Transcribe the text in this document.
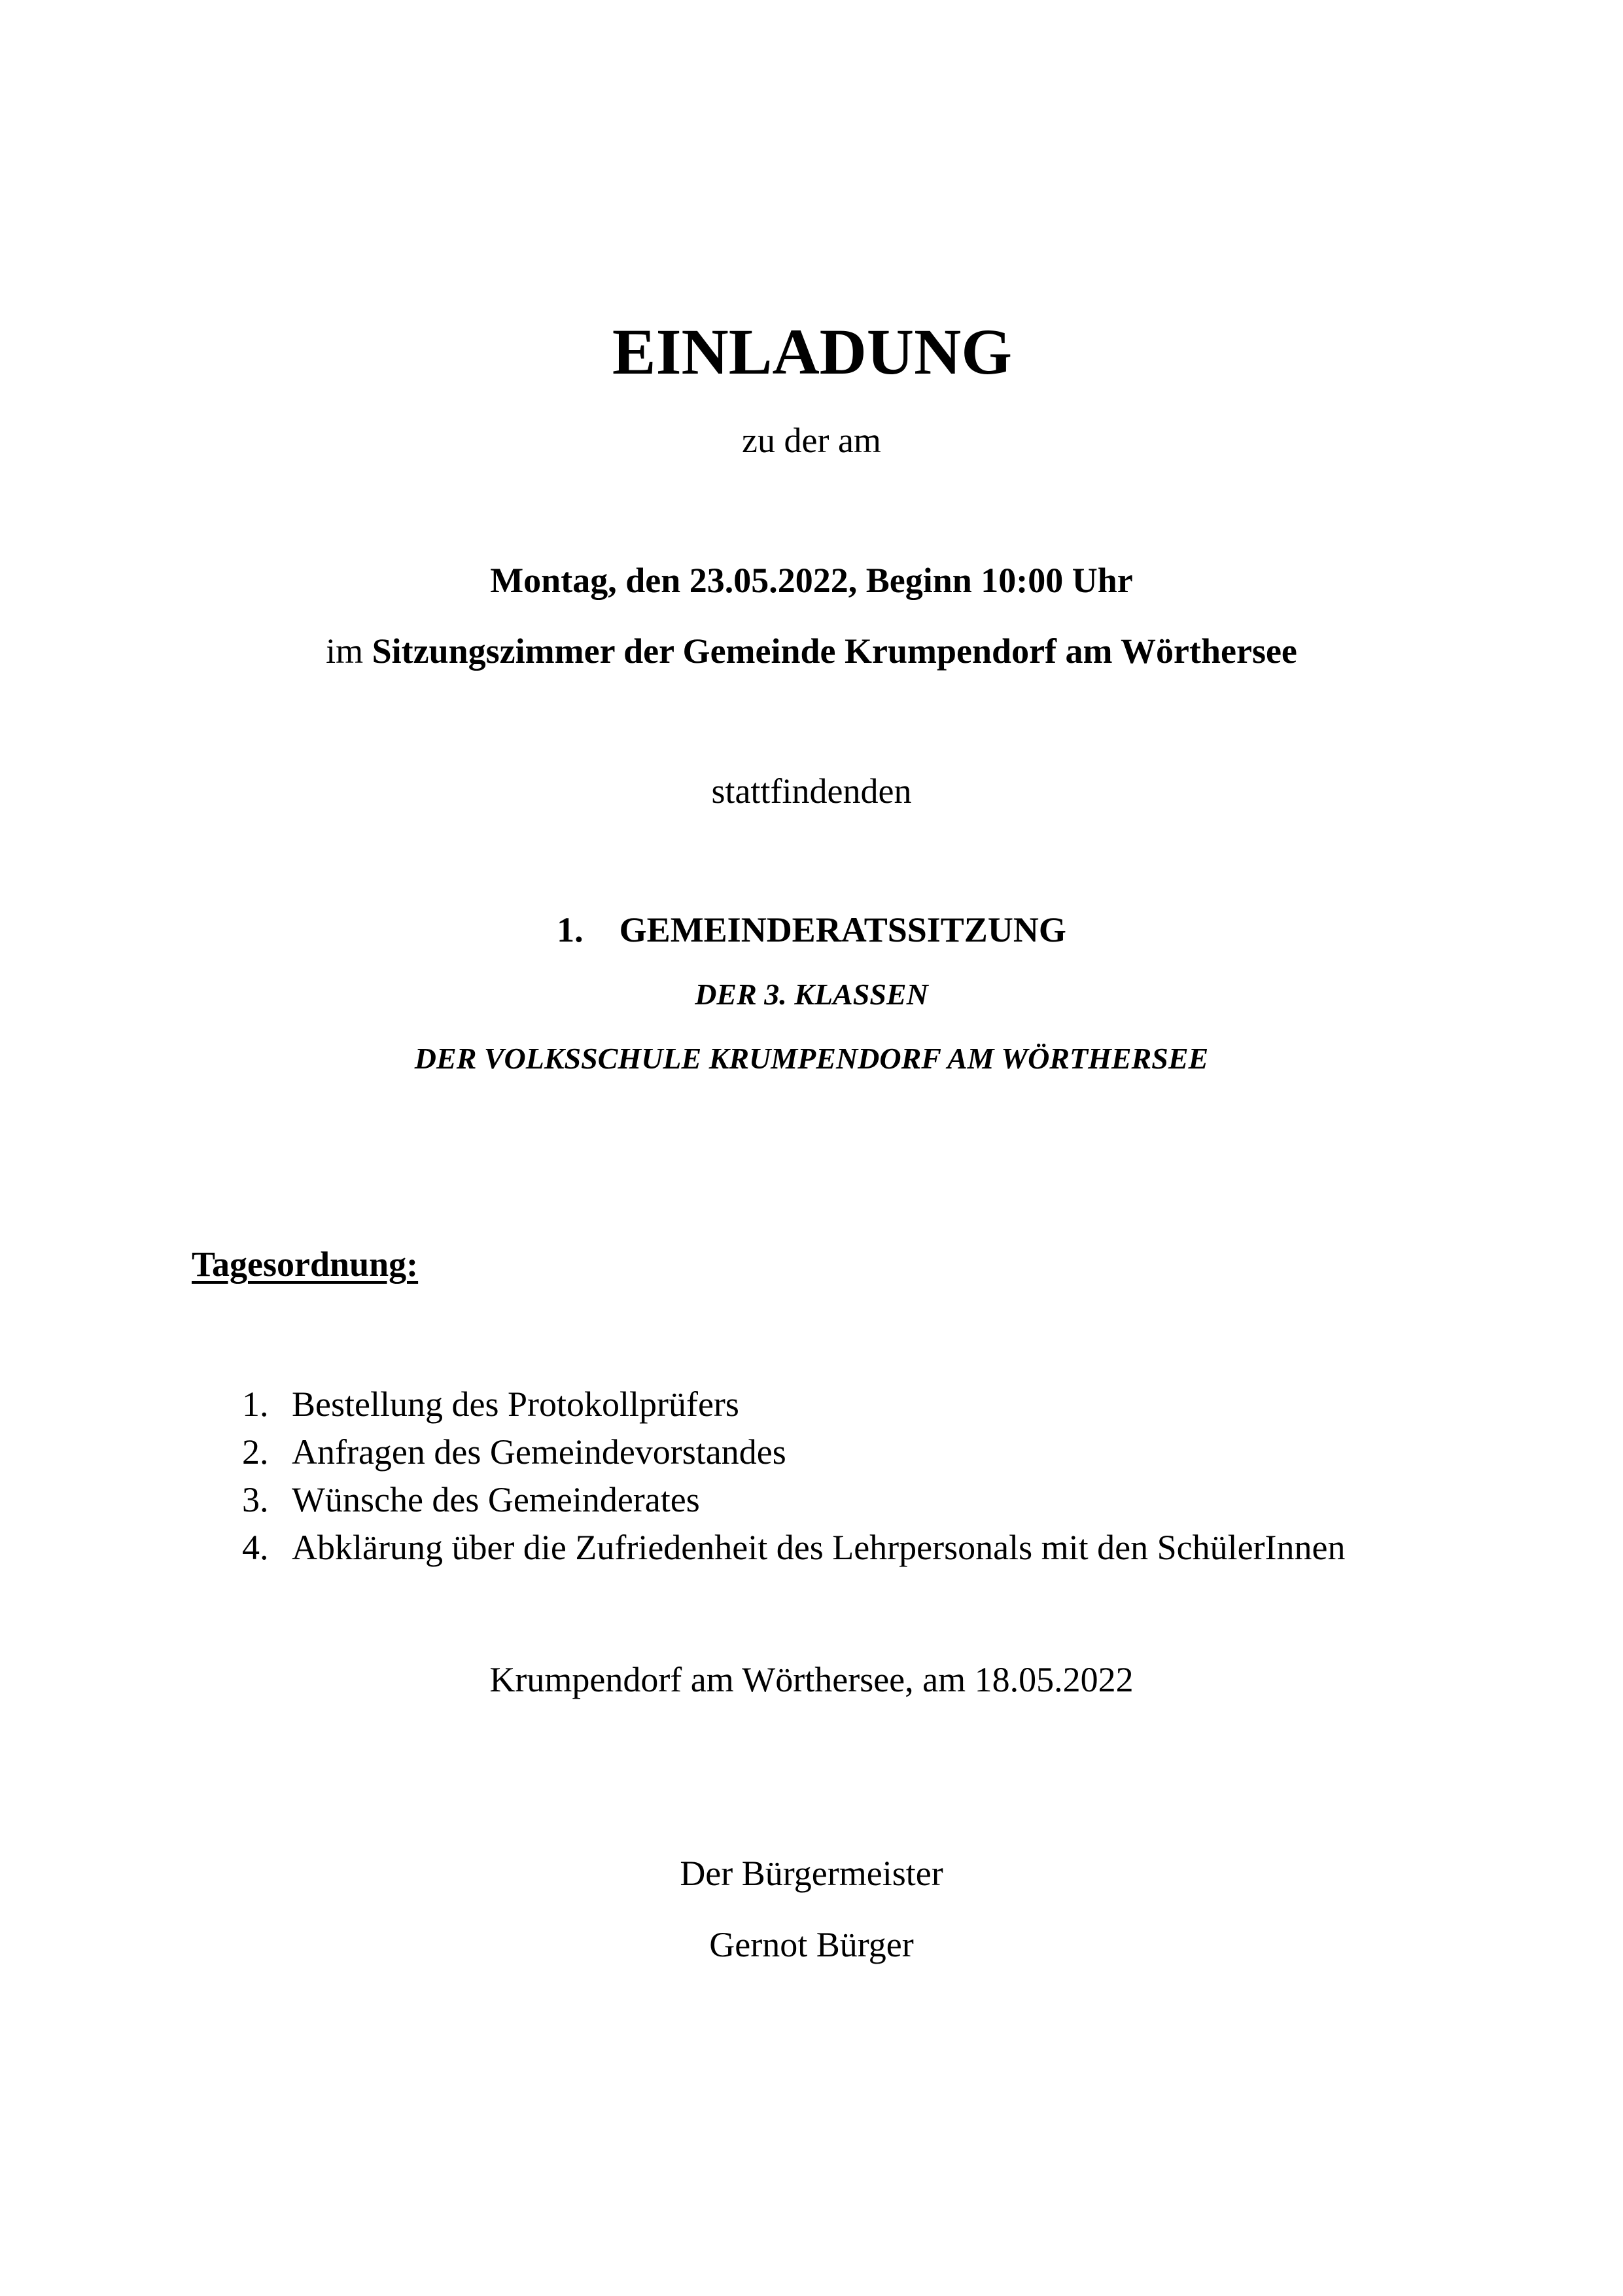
EINLADUNG
zu der am
Montag, den 23.05.2022, Beginn 10:00 Uhr
im Sitzungszimmer der Gemeinde Krumpendorf am Wörthersee
stattfindenden
1. GEMEINDERATSSITZUNG
DER 3. KLASSEN
DER VOLKSSCHULE KRUMPENDORF AM WÖRTHERSEE
Tagesordnung:
1. Bestellung des Protokollprüfers
2. Anfragen des Gemeindevorstandes
3. Wünsche des Gemeinderates
4. Abklärung über die Zufriedenheit des Lehrpersonals mit den SchülerInnen
Krumpendorf am Wörthersee, am 18.05.2022
Der Bürgermeister
Gernot Bürger
